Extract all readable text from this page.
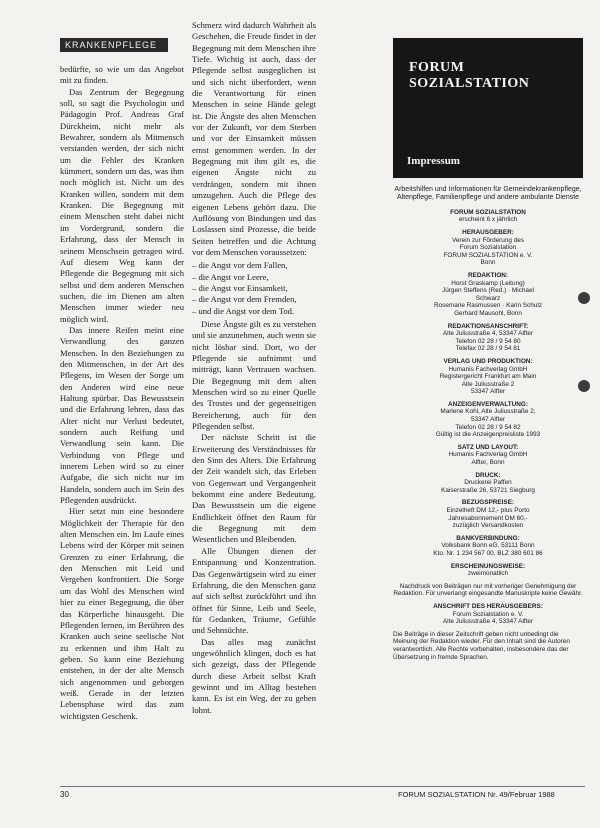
KRANKENPFLEGE IM ALTER

bedürfte, so wie um das Angebot mit zu finden.

Das Zentrum der Begegnung soll, so sagt die Psychologin und Pädagogin Prof. Andreas Graf Dürckheim, nicht mehr als Bewahrer, sondern als Mitmensch verstanden werden, der sich nicht um die Fehler des Kranken kümmert, sondern um das, was ihm noch möglich ist. Nicht um des Kranken willen, sondern mit dem Kranken. Die Begegnung mit einem Menschen steht dabei nicht im Vordergrund, sondern die Erfahrung, dass der Mensch in seinem Menschsein getragen wird. Auf diesem Weg kann der Pflegende die Begegnung mit sich selbst und dem anderen Menschen suchen, die im Dienen am alten Menschen immer wieder neu möglich wird.

Das innere Reifen meint eine Verwandlung des ganzen Menschen. In den Beziehungen zu den Mitmenschen, in der Art des Pflegens, im Wesen der Sorge um den Anderen wird eine neue Haltung spürbar. Das Bewusstsein und die Erfahrung lehren, dass das Alter nicht nur Verlust bedeutet, sondern auch Reifung und Verwandlung sein kann. Die Verbindung von Pflege und innerem Leben wird so zu einer Aufgabe, die sich nicht nur im Handeln, sondern auch im Sein des Pflegenden ausdrückt.

Hier setzt nun eine besondere Möglichkeit der Therapie für den alten Menschen ein. Im Laufe eines Lebens wird der Körper mit seinen Grenzen zu einer Erfahrung, die den Menschen mit Leid und Vergehen konfrontiert. Die Sorge um das Wohl des Menschen wird hier zu einer Begegnung, die über das Körperliche hinausgeht. Die Pflegenden lernen, im Berühren des Kranken auch seine seelische Not zu erkennen und ihm Halt zu geben. So kann eine Beziehung entstehen, in der der alte Mensch sich angenommen und geborgen weiß. Gerade in der letzten Lebensphase wird das zum wichtigsten Geschenk.

Schmerz wird dadurch Wahrheit als Geschehen, die Freude findet in der Begegnung mit dem Menschen ihre Tiefe. Wichtig ist auch, dass der Pflegende selbst ausgeglichen ist und sich nicht überfordert, wenn die Verantwortung für einen Menschen in seine Hände gelegt ist. Die Ängste des alten Menschen vor der Zukunft, vor dem Sterben und vor der Einsamkeit müssen ernst genommen werden. In der Begegnung mit ihm gilt es, die eigenen Ängste nicht zu verdrängen, sondern mit ihnen umzugehen. Auch die Pflege des eigenen Lebens gehört dazu. Die Auflösung von Bindungen und das Loslassen sind Prozesse, die beide Seiten betreffen und die Achtung vor dem Menschen voraussetzen:

– die Angst vor dem Fallen,
– die Angst vor Leere,
– die Angst vor Einsamkeit,
– die Angst vor dem Fremden,
– und die Angst vor dem Tod.

Diese Ängste gilt es zu verstehen und sie anzunehmen, auch wenn sie nicht lösbar sind. Dort, wo der Pflegende sie aufnimmt und mitträgt, kann Vertrauen wachsen. Die Begegnung mit dem alten Menschen wird so zu einer Quelle des Trostes und der gegenseitigen Bereicherung, auch für den Pflegenden selbst.

Der nächste Schritt ist die Erweiterung des Verständnisses für den Sinn des Alters. Die Erfahrung der Zeit wandelt sich, das Erleben von Gegenwart und Vergangenheit bekommt eine andere Bedeutung. Das Bewusstsein um die eigene Endlichkeit öffnet den Raum für die Begegnung mit dem Wesentlichen und Bleibenden.

Alle Übungen dienen der Entspannung und Konzentration. Das Gegenwärtigsein wird zu einer Erfahrung, die den Menschen ganz auf sich selbst zurückführt und ihn öffnet für Sinne, Leib und Seele, für Gedanken, Träume, Gefühle und Sehnsüchte.

Das alles mag zunächst ungewöhnlich klingen, doch es hat sich gezeigt, dass der Pflegende durch diese Arbeit selbst Kraft gewinnt und im Alltag bestehen kann. Es ist ein Weg, der zu gehen lohnt.

FORUM
SOZIALSTATION
Impressum
Arbeitshilfen und Informationen für Gemeindekrankenpflege, Altenpflege, Familienpflege und andere ambulante Dienste
FORUM SOZIALSTATION
erscheint 6 x jährlich
HERAUSGEBER:
Verein zur Förderung des
Forum Sozialstation
FORUM SOZIALSTATION e. V.
Bonn
REDAKTION:
Horst Graskamp (Leitung)
Jürgen Steffens (Red.) · Michael
Schwarz
Rosemarie Rasmussen · Karin Schulz
Gerhard Mausohl, Bonn
REDAKTIONSANSCHRIFT:
Alte Juliusstraße 4, 53347 Alfter
Telefon 02 28 / 9 54 80
Telefax 02 28 / 9 54 81
VERLAG UND PRODUKTION:
Humanis Fachverlag GmbH
Registergericht Frankfurt am Main
Alte Juliusstraße 2
53347 Alfter
ANZEIGENVERWALTUNG:
Marlene Kohl, Alte Juliusstraße 2,
53347 Alfter
Telefon 02 28 / 9 54 82
Gültig ist die Anzeigenpreisliste 1993
SATZ UND LAYOUT:
Humanis Fachverlag GmbH
Alfter, Bonn
DRUCK:
Druckerei Paffen
Kaiserstraße 26, 53721 Siegburg
BEZUGSPREISE:
Einzelheft DM 12,- plus Porto
Jahresabonnement DM 60,-
zuzüglich Versandkosten
BANKVERBINDUNG:
Volksbank Bonn eG, 53111 Bonn
Kto. Nr. 1 234 567 00, BLZ 380 601 86
ERSCHEINUNGSWEISE:
zweimonatlich
Nachdruck von Beiträgen nur mit vorheriger Genehmigung der Redaktion. Für unverlangt eingesandte Manuskripte keine Gewähr.
ANSCHRIFT DES HERAUSGEBERS:
Forum Sozialstation e. V.
Alte Juliusstraße 4, 53347 Alfter
Die Beiträge in dieser Zeitschrift geben nicht unbedingt die Meinung der Redaktion wieder. Für den Inhalt sind die Autoren verantwortlich. Alle Rechte vorbehalten, insbesondere das der Übersetzung in fremde Sprachen.
30	FORUM SOZIALSTATION Nr. 49/Februar 1988
